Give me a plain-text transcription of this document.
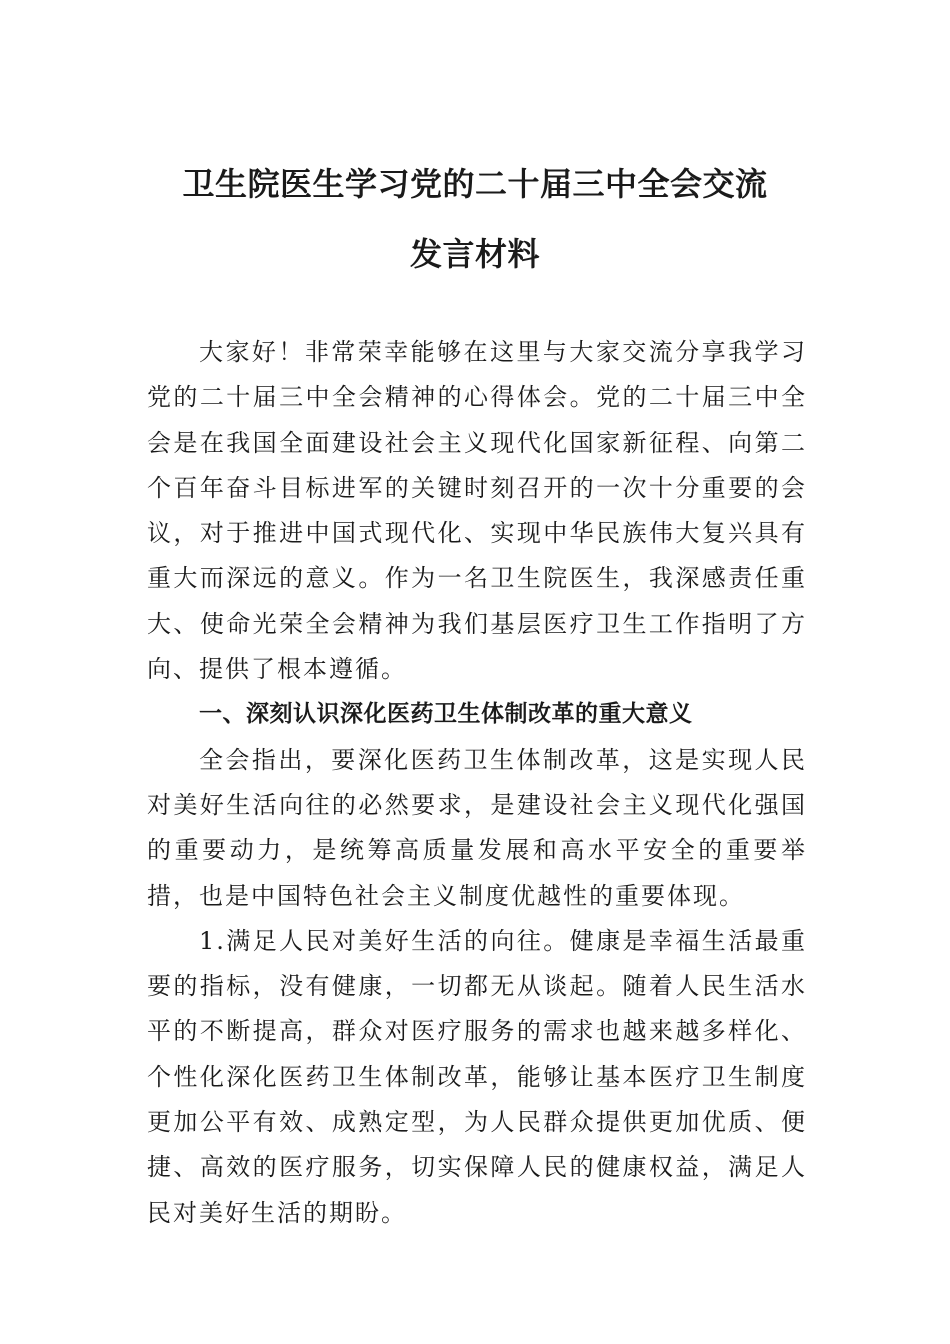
卫生院医生学习党的二十届三中全会交流
发言材料

大家好！非常荣幸能够在这里与大家交流分享我学习党的二十届三中全会精神的心得体会。党的二十届三中全会是在我国全面建设社会主义现代化国家新征程、向第二个百年奋斗目标进军的关键时刻召开的一次十分重要的会议，对于推进中国式现代化、实现中华民族伟大复兴具有重大而深远的意义。作为一名卫生院医生，我深感责任重大、使命光荣全会精神为我们基层医疗卫生工作指明了方向、提供了根本遵循。

一、深刻认识深化医药卫生体制改革的重大意义

全会指出，要深化医药卫生体制改革，这是实现人民对美好生活向往的必然要求，是建设社会主义现代化强国的重要动力，是统筹高质量发展和高水平安全的重要举措，也是中国特色社会主义制度优越性的重要体现。

1.满足人民对美好生活的向往。健康是幸福生活最重要的指标，没有健康，一切都无从谈起。随着人民生活水平的不断提高，群众对医疗服务的需求也越来越多样化、个性化深化医药卫生体制改革，能够让基本医疗卫生制度更加公平有效、成熟定型，为人民群众提供更加优质、便捷、高效的医疗服务，切实保障人民的健康权益，满足人民对美好生活的期盼。
